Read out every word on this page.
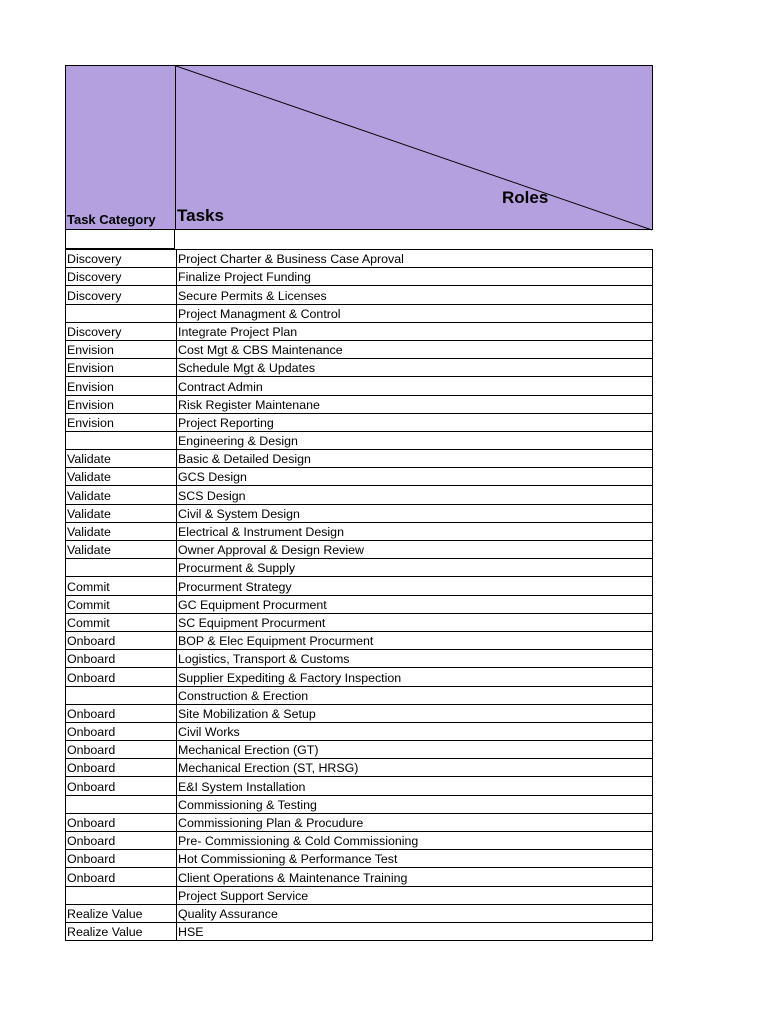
Task Category Tasks
Roles
Discovery	Project Charter & Business Case Aproval
Discovery	Finalize Project Funding
Discovery	Secure Permits & Licenses
	Project Managment & Control
Discovery	Integrate Project Plan
Envision	Cost Mgt & CBS Maintenance
Envision	Schedule Mgt & Updates
Envision	Contract Admin
Envision	Risk Register Maintenane
Envision	Project Reporting
	Engineering & Design
Validate	Basic & Detailed Design
Validate	GCS Design
Validate	SCS Design
Validate	Civil & System Design
Validate	Electrical & Instrument Design
Validate	Owner Approval & Design Review
	Procurment & Supply
Commit	Procurment Strategy
Commit	GC Equipment Procurment
Commit	SC Equipment Procurment
Onboard	BOP & Elec Equipment Procurment
Onboard	Logistics, Transport & Customs
Onboard	Supplier Expediting & Factory Inspection
	Construction & Erection
Onboard	Site Mobilization & Setup
Onboard	Civil Works
Onboard	Mechanical Erection (GT)
Onboard	Mechanical Erection (ST, HRSG)
Onboard	E&I System Installation
	Commissioning & Testing
Onboard	Commissioning Plan & Procudure
Onboard	Pre- Commissioning & Cold Commissioning
Onboard	Hot Commissioning & Performance Test
Onboard	Client Operations & Maintenance Training
	Project Support Service
Realize Value	Quality Assurance
Realize Value	HSE
